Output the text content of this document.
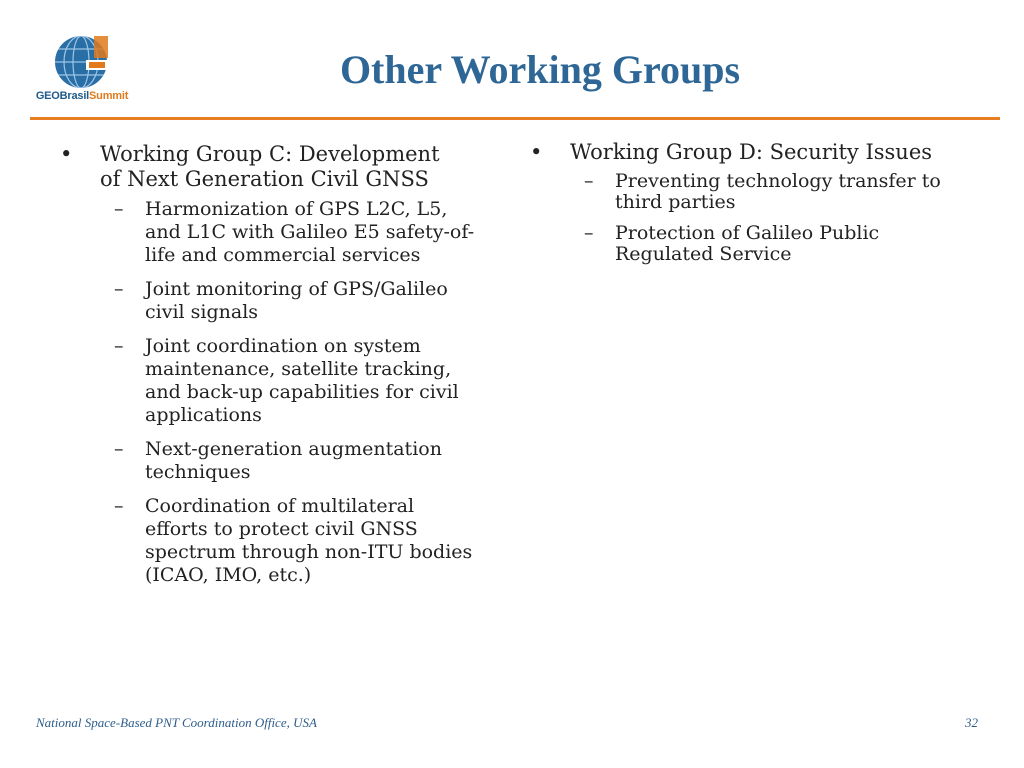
GEOBrasilSummit
Other Working Groups
• Working Group C: Development
of Next Generation Civil GNSS
– Harmonization of GPS L2C, L5,
and L1C with Galileo E5 safety-of-
life and commercial services
– Joint monitoring of GPS/Galileo
civil signals
– Joint coordination on system
maintenance, satellite tracking,
and back-up capabilities for civil
applications
– Next-generation augmentation
techniques
– Coordination of multilateral
efforts to protect civil GNSS
spectrum through non-ITU bodies
(ICAO, IMO, etc.)
• Working Group D: Security Issues
– Preventing technology transfer to
third parties
– Protection of Galileo Public
Regulated Service
National Space-Based PNT Coordination Office, USA	32
